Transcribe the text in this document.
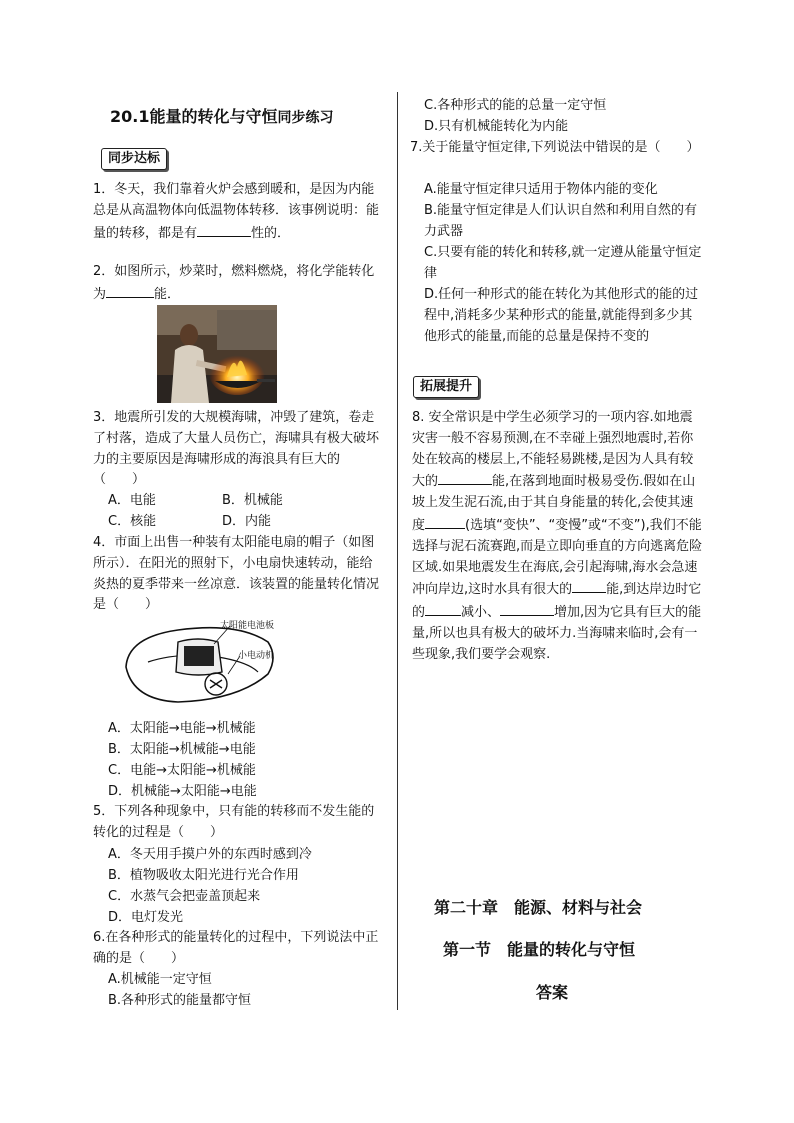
20.1能量的转化与守恒同步练习
同步达标
1．冬天，我们靠着火炉会感到暖和，是因为内能总是从高温物体向低温物体转移．该事例说明：能量的转移，都是有	性的．
2．如图所示，炒菜时，燃料燃烧，将化学能转化为	能．
3．地震所引发的大规模海啸，冲毁了建筑，卷走了村落，造成了大量人员伤亡，海啸具有极大破坏力的主要原因是海啸形成的海浪具有巨大的（　　）
A．电能	B．机械能
C．核能	D．内能
4．市面上出售一种装有太阳能电扇的帽子（如图所示）．在阳光的照射下，小电扇快速转动，能给炎热的夏季带来一丝凉意．该装置的能量转化情况是（　　）
太阳能电池板
小电动机
A．太阳能→电能→机械能
B．太阳能→机械能→电能
C．电能→太阳能→机械能
D．机械能→太阳能→电能
5．下列各种现象中，只有能的转移而不发生能的转化的过程是（　　）
A．冬天用手摸户外的东西时感到冷
B．植物吸收太阳光进行光合作用
C．水蒸气会把壶盖顶起来
D．电灯发光
6.在各种形式的能量转化的过程中，下列说法中正确的是（　　）
A.机械能一定守恒
B.各种形式的能量都守恒
C.各种形式的能的总量一定守恒
D.只有机械能转化为内能
7.关于能量守恒定律,下列说法中错误的是（　　）
A.能量守恒定律只适用于物体内能的变化
B.能量守恒定律是人们认识自然和利用自然的有力武器
C.只要有能的转化和转移,就一定遵从能量守恒定律
D.任何一种形式的能在转化为其他形式的能的过程中,消耗多少某种形式的能量,就能得到多少其他形式的能量,而能的总量是保持不变的
拓展提升
8. 安全常识是中学生必须学习的一项内容.如地震灾害一般不容易预测,在不幸碰上强烈地震时,若你处在较高的楼层上,不能轻易跳楼,是因为人具有较大的	能,在落到地面时极易受伤.假如在山坡上发生泥石流,由于其自身能量的转化,会使其速度	(选填“变快”、“变慢”或“不变”),我们不能选择与泥石流赛跑,而是立即向垂直的方向逃离危险区域.如果地震发生在海底,会引起海啸,海水会急速冲向岸边,这时水具有很大的	能,到达岸边时它的	减小、	增加,因为它具有巨大的能量,所以也具有极大的破坏力.当海啸来临时,会有一些现象,我们要学会观察.
第二十章　能源、材料与社会
第一节　能量的转化与守恒
答案
